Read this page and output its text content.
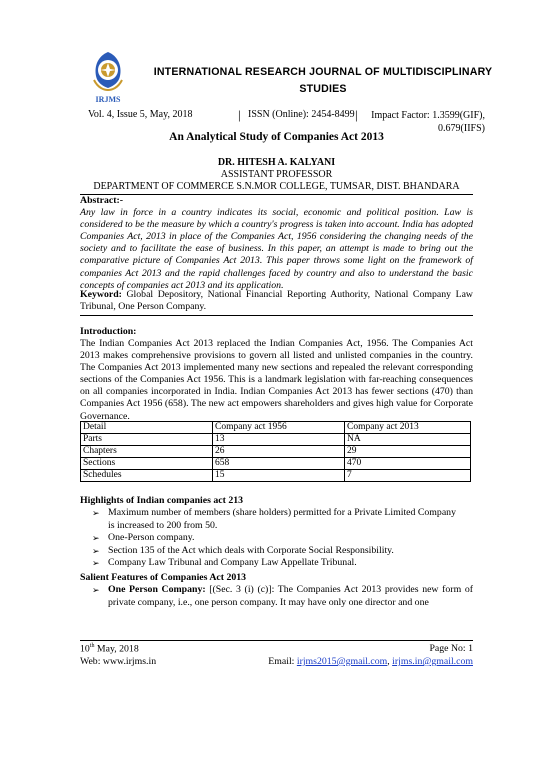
IRJMS
INTERNATIONAL RESEARCH JOURNAL OF MULTIDISCIPLINARY
STUDIES
Vol. 4, Issue 5, May, 2018	| ISSN (Online): 2454-8499 |	Impact Factor: 1.3599(GIF),
0.679(IIFS)
An Analytical Study of Companies Act 2013
DR. HITESH A. KALYANI
ASSISTANT PROFESSOR
DEPARTMENT OF COMMERCE S.N.MOR COLLEGE, TUMSAR, DIST. BHANDARA
Abstract:-
Any law in force in a country indicates its social, economic and political position. Law is considered to be the measure by which a country's progress is taken into account. India has adopted Companies Act, 2013 in place of the Companies Act, 1956 considering the changing needs of the society and to facilitate the ease of business. In this paper, an attempt is made to bring out the comparative picture of Companies Act 2013. This paper throws some light on the framework of companies Act 2013 and the rapid challenges faced by country and also to understand the basic concepts of companies act 2013 and its application.
Keyword: Global Depository, National Financial Reporting Authority, National Company Law Tribunal, One Person Company.
Introduction:
The Indian Companies Act 2013 replaced the Indian Companies Act, 1956. The Companies Act 2013 makes comprehensive provisions to govern all listed and unlisted companies in the country. The Companies Act 2013 implemented many new sections and repealed the relevant corresponding sections of the Companies Act 1956. This is a landmark legislation with far-reaching consequences on all companies incorporated in India. Indian Companies Act 2013 has fewer sections (470) than Companies Act 1956 (658). The new act empowers shareholders and gives high value for Corporate Governance.
Detail	Company act 1956	Company act 2013
Parts	13	NA
Chapters	26	29
Sections	658	470
Schedules	15	7
Highlights of Indian companies act 213
➢ Maximum number of members (share holders) permitted for a Private Limited Company is increased to 200 from 50.
➢ One-Person company.
➢ Section 135 of the Act which deals with Corporate Social Responsibility.
➢ Company Law Tribunal and Company Law Appellate Tribunal.
Salient Features of Companies Act 2013
➢ One Person Company: [(Sec. 3 (i) (c)]: The Companies Act 2013 provides new form of private company, i.e., one person company. It may have only one director and one
10th May, 2018	Page No: 1
Web: www.irjms.in	Email: irjms2015@gmail.com, irjms.in@gmail.com
